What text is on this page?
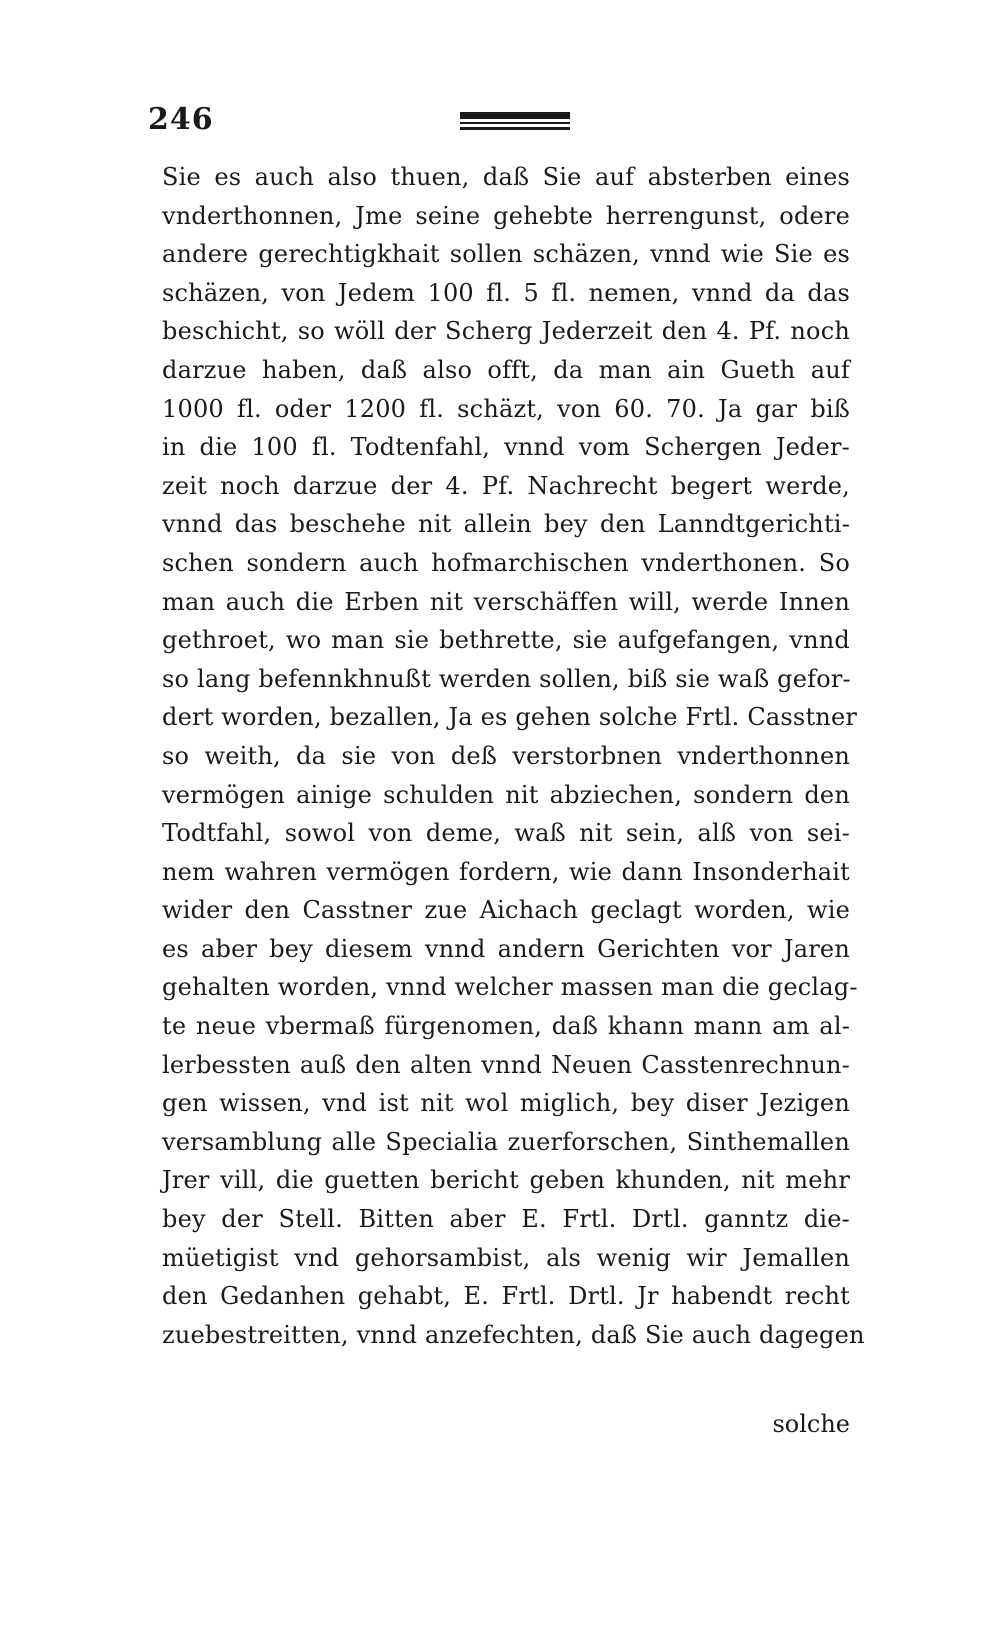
246
Sie es auch also thuen, daß Sie auf absterben eines
vnderthonnen, Jme seine gehebte herrengunst, odere
andere gerechtigkhait sollen schäzen, vnnd wie Sie es
schäzen, von Jedem 100 fl. 5 fl. nemen, vnnd da das
beschicht, so wöll der Scherg Jederzeit den 4. Pf. noch
darzue haben, daß also offt, da man ain Gueth auf
1000 fl. oder 1200 fl. schäzt, von 60. 70. Ja gar biß
in die 100 fl. Todtenfahl, vnnd vom Schergen Jeder-
zeit noch darzue der 4. Pf. Nachrecht begert werde,
vnnd das beschehe nit allein bey den Lanndtgerichti-
schen sondern auch hofmarchischen vnderthonen. So
man auch die Erben nit verschäffen will, werde Innen
gethroet, wo man sie bethrette, sie aufgefangen, vnnd
so lang befennkhnußt werden sollen, biß sie waß gefor-
dert worden, bezallen, Ja es gehen solche Frtl. Casstner
so weith, da sie von deß verstorbnen vnderthonnen
vermögen ainige schulden nit abziechen, sondern den
Todtfahl, sowol von deme, waß nit sein, alß von sei-
nem wahren vermögen fordern, wie dann Insonderhait
wider den Casstner zue Aichach geclagt worden, wie
es aber bey diesem vnnd andern Gerichten vor Jaren
gehalten worden, vnnd welcher massen man die geclag-
te neue vbermaß fürgenomen, daß khann mann am al-
lerbessten auß den alten vnnd Neuen Casstenrechnun-
gen wissen, vnd ist nit wol miglich, bey diser Jezigen
versamblung alle Specialia zuerforschen, Sinthemallen
Jrer vill, die guetten bericht geben khunden, nit mehr
bey der Stell. Bitten aber E. Frtl. Drtl. ganntz die-
müetigist vnd gehorsambist, als wenig wir Jemallen
den Gedanhen gehabt, E. Frtl. Drtl. Jr habendt recht
zuebestreitten, vnnd anzefechten, daß Sie auch dagegen
solche
